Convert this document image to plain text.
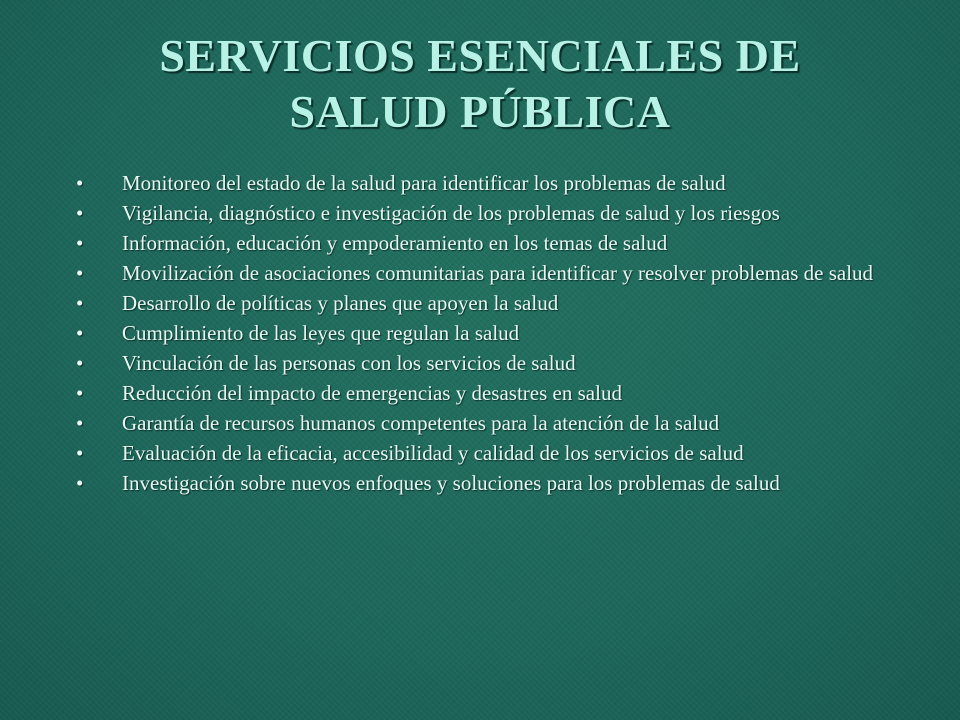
SERVICIOS ESENCIALES DE
SALUD PÚBLICA
• Monitoreo del estado de la salud para identificar los problemas de salud
• Vigilancia, diagnóstico e investigación de los problemas de salud y los riesgos
• Información, educación y empoderamiento en los temas de salud
• Movilización de asociaciones comunitarias para identificar y resolver problemas de salud
• Desarrollo de políticas y planes que apoyen la salud
• Cumplimiento de las leyes que regulan la salud
• Vinculación de las personas con los servicios de salud
• Reducción del impacto de emergencias y desastres en salud
• Garantía de recursos humanos competentes para la atención de la salud
• Evaluación de la eficacia, accesibilidad y calidad de los servicios de salud
• Investigación sobre nuevos enfoques y soluciones para los problemas de salud
